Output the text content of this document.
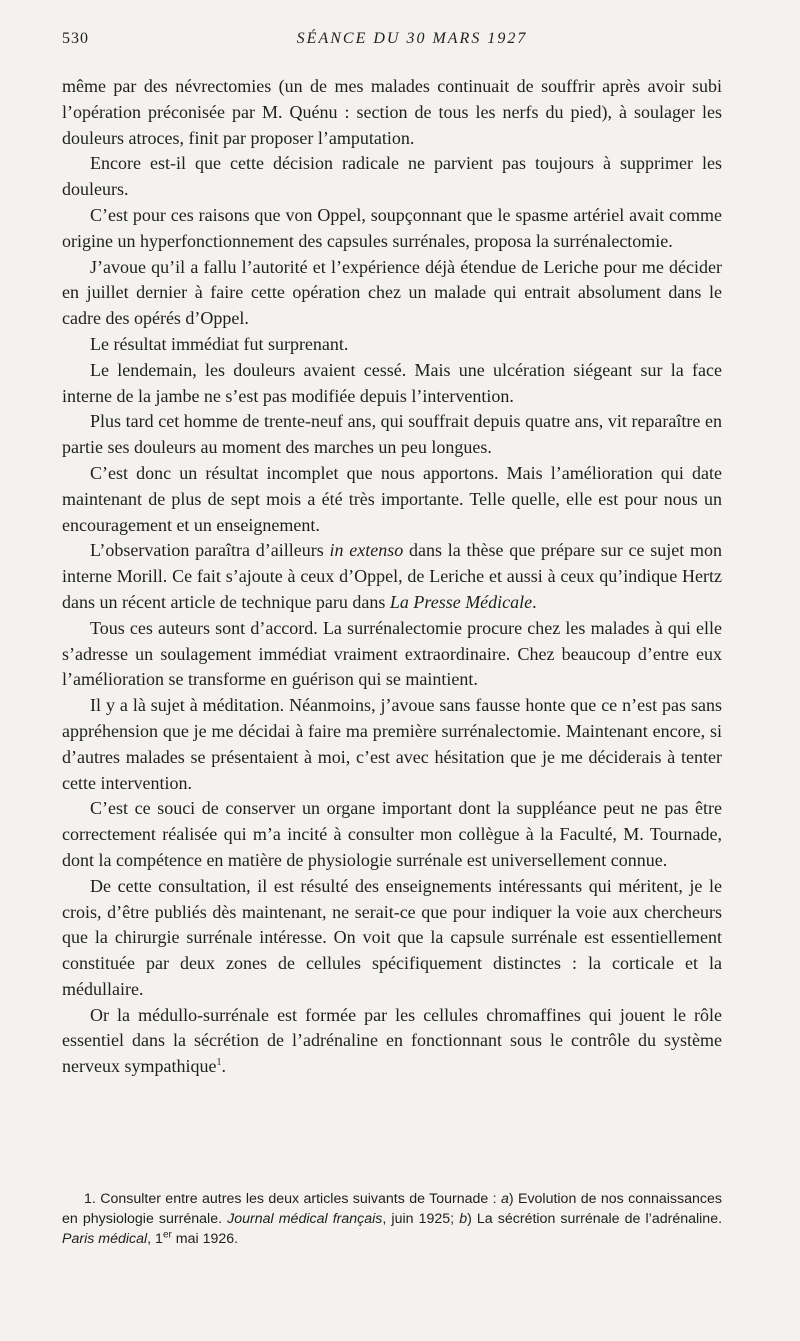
530	SÉANCE DU 30 MARS 1927

même par des névrectomies (un de mes malades continuait de souffrir après avoir subi l’opération préconisée par M. Quénu : section de tous les nerfs du pied), à soulager les douleurs atroces, finit par proposer l’amputation.

Encore est-il que cette décision radicale ne parvient pas toujours à supprimer les douleurs.

C’est pour ces raisons que von Oppel, soupçonnant que le spasme artériel avait comme origine un hyperfonctionnement des capsules surrénales, proposa la surrénalectomie.

J’avoue qu’il a fallu l’autorité et l’expérience déjà étendue de Leriche pour me décider en juillet dernier à faire cette opération chez un malade qui entrait absolument dans le cadre des opérés d’Oppel.

Le résultat immédiat fut surprenant.

Le lendemain, les douleurs avaient cessé. Mais une ulcération siégeant sur la face interne de la jambe ne s’est pas modifiée depuis l’intervention.

Plus tard cet homme de trente-neuf ans, qui souffrait depuis quatre ans, vit reparaître en partie ses douleurs au moment des marches un peu longues.

C’est donc un résultat incomplet que nous apportons. Mais l’amélioration qui date maintenant de plus de sept mois a été très importante. Telle quelle, elle est pour nous un encouragement et un enseignement.

L’observation paraîtra d’ailleurs in extenso dans la thèse que prépare sur ce sujet mon interne Morill. Ce fait s’ajoute à ceux d’Oppel, de Leriche et aussi à ceux qu’indique Hertz dans un récent article de technique paru dans La Presse Médicale.

Tous ces auteurs sont d’accord. La surrénalectomie procure chez les malades à qui elle s’adresse un soulagement immédiat vraiment extraordinaire. Chez beaucoup d’entre eux l’amélioration se transforme en guérison qui se maintient.

Il y a là sujet à méditation. Néanmoins, j’avoue sans fausse honte que ce n’est pas sans appréhension que je me décidai à faire ma première surrénalectomie. Maintenant encore, si d’autres malades se présentaient à moi, c’est avec hésitation que je me déciderais à tenter cette intervention.

C’est ce souci de conserver un organe important dont la suppléance peut ne pas être correctement réalisée qui m’a incité à consulter mon collègue à la Faculté, M. Tournade, dont la compétence en matière de physiologie surrénale est universellement connue.

De cette consultation, il est résulté des enseignements intéressants qui méritent, je le crois, d’être publiés dès maintenant, ne serait-ce que pour indiquer la voie aux chercheurs que la chirurgie surrénale intéresse. On voit que la capsule surrénale est essentiellement constituée par deux zones de cellules spécifiquement distinctes : la corticale et la médullaire.

Or la médullo-surrénale est formée par les cellules chromaffines qui jouent le rôle essentiel dans la sécrétion de l’adrénaline en fonctionnant sous le contrôle du système nerveux sympathique$^1$.

1. Consulter entre autres les deux articles suivants de Tournade : a) Evolution de nos connaissances en physiologie surrénale. Journal médical français, juin 1925; b) La sécrétion surrénale de l’adrénaline. Paris médical, 1er mai 1926.
